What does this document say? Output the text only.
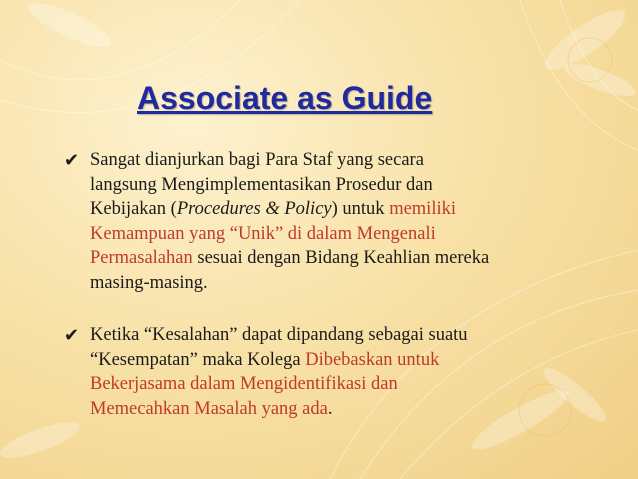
Associate as Guide
✔ Sangat dianjurkan bagi Para Staf yang secara
langsung Mengimplementasikan Prosedur dan
Kebijakan (Procedures & Policy) untuk memiliki
Kemampuan yang “Unik” di dalam Mengenali
Permasalahan sesuai dengan Bidang Keahlian mereka
masing-masing.
✔ Ketika “Kesalahan” dapat dipandang sebagai suatu
“Kesempatan” maka Kolega Dibebaskan untuk
Bekerjasama dalam Mengidentifikasi dan
Memecahkan Masalah yang ada.
